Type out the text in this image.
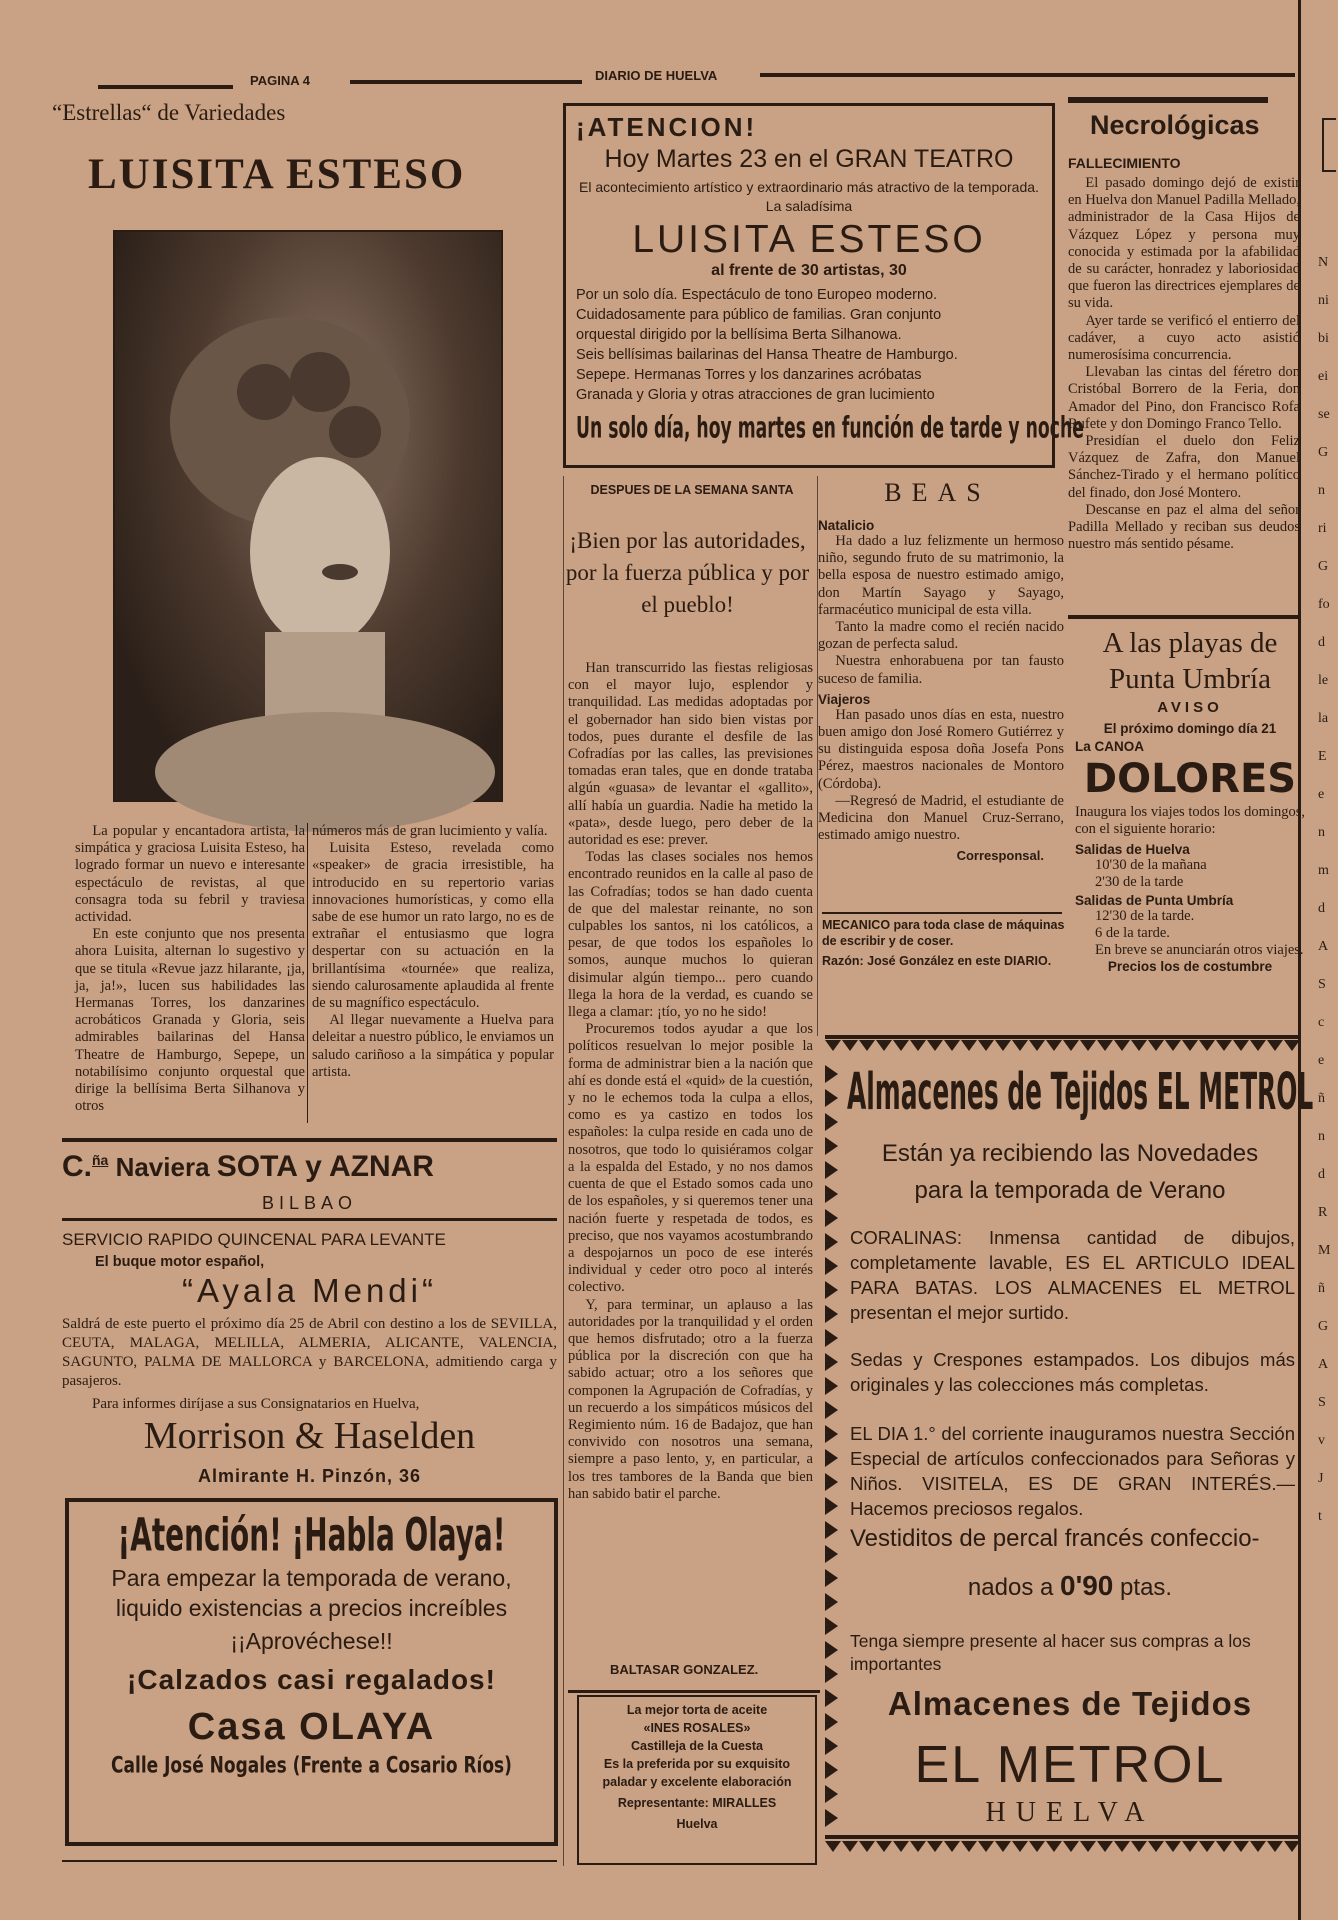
PAGINA 4	DIARIO DE HUELVA
“Estrellas“ de Variedades
LUISITA ESTESO

La popular y encantadora artista, la simpática y graciosa Luisita Esteso, ha logrado formar un nuevo e interesante espectáculo de revistas, al que consagra toda su febril y traviesa actividad.

En este conjunto que nos presenta ahora Luisita, alternan lo sugestivo y que se titula «Revue jazz hilarante, ¡ja, ja, ja!», lucen sus habilidades las Hermanas Torres, los danzarines acrobáticos Granada y Gloria, seis admirables bailarinas del Hansa Theatre de Hamburgo, Sepepe, un notabilísimo conjunto orquestal que dirige la bellísima Berta Silhanova y otros

números más de gran lucimiento y valía.

Luisita Esteso, revelada como «speaker» de gracia irresistible, ha introducido en su repertorio varias innovaciones humorísticas, y como ella sabe de ese humor un rato largo, no es de extrañar el entusiasmo que logra despertar con su actuación en la brillantísima «tournée» que realiza, siendo calurosamente aplaudida al frente de su magnífico espectáculo.

Al llegar nuevamente a Huelva para deleitar a nuestro público, le enviamos un saludo cariñoso a la simpática y popular artista.

¡ATENCION!
Hoy Martes 23 en el GRAN TEATRO
El acontecimiento artístico y extraordinario más atractivo de la temporada. La saladísima
LUISITA ESTESO
al frente de 30 artistas, 30
Por un solo día. Espectáculo de tono Europeo moderno.
Cuidadosamente para público de familias. Gran conjunto
orquestal dirigido por la bellísima Berta Silhanowa.
Seis bellísimas bailarinas del Hansa Theatre de Hamburgo.
Sepepe. Hermanas Torres y los danzarines acróbatas
Granada y Gloria y otras atracciones de gran lucimiento
Un solo día, hoy martes en función de tarde y noche
Necrológicas
FALLECIMIENTO

El pasado domingo dejó de existir en Huelva don Manuel Padilla Mellado, administrador de la Casa Hijos de Vázquez López y persona muy conocida y estimada por la afabilidad de su carácter, honradez y laboriosidad que fueron las directrices ejemplares de su vida.

Ayer tarde se verificó el entierro del cadáver, a cuyo acto asistió numerosísima concurrencia.

Llevaban las cintas del féretro don Cristóbal Borrero de la Feria, don Amador del Pino, don Francisco Rofa Rufete y don Domingo Franco Tello.

Presidían el duelo don Feliz Vázquez de Zafra, don Manuel Sánchez-Tirado y el hermano político del finado, don José Montero.

Descanse en paz el alma del señor Padilla Mellado y reciban sus deudos nuestro más sentido pésame.

A las playas de
Punta Umbría
AVISO
El próximo domingo día 21
La CANOA
DOLORES
Inaugura los viajes todos los domingos, con el siguiente horario:
Salidas de Huelva
10'30 de la mañana
2'30 de la tarde
Salidas de Punta Umbría
12'30 de la tarde.
6 de la tarde.
En breve se anunciarán otros viajes.
Precios los de costumbre
DESPUES DE LA SEMANA SANTA
¡Bien por las autoridades, por la fuerza pública y por el pueblo!

Han transcurrido las fiestas religiosas con el mayor lujo, esplendor y tranquilidad. Las medidas adoptadas por el gobernador han sido bien vistas por todos, pues durante el desfile de las Cofradías por las calles, las previsiones tomadas eran tales, que en donde trataba algún «guasa» de levantar el «gallito», allí había un guardia. Nadie ha metido la «pata», desde luego, pero deber de la autoridad es ese: prever.

Todas las clases sociales nos hemos encontrado reunidos en la calle al paso de las Cofradías; todos se han dado cuenta de que del malestar reinante, no son culpables los santos, ni los católicos, a pesar, de que todos los españoles lo somos, aunque muchos lo quieran disimular algún tiempo... pero cuando llega la hora de la verdad, es cuando se llega a clamar: ¡tío, yo no he sido!

Procuremos todos ayudar a que los políticos resuelvan lo mejor posible la forma de administrar bien a la nación que ahí es donde está el «quid» de la cuestión, y no le echemos toda la culpa a ellos, como es ya castizo en todos los españoles: la culpa reside en cada uno de nosotros, que todo lo quisiéramos colgar a la espalda del Estado, y no nos damos cuenta de que el Estado somos cada uno de los españoles, y si queremos tener una nación fuerte y respetada de todos, es preciso, que nos vayamos acostumbrando a despojarnos un poco de ese interés individual y ceder otro poco al interés colectivo.

Y, para terminar, un aplauso a las autoridades por la tranquilidad y el orden que hemos disfrutado; otro a la fuerza pública por la discreción con que ha sabido actuar; otro a los señores que componen la Agrupación de Cofradías, y un recuerdo a los simpáticos músicos del Regimiento núm. 16 de Badajoz, que han convivido con nosotros una semana, siempre a paso lento, y, en particular, a los tres tambores de la Banda que bien han sabido batir el parche.

BALTASAR GONZALEZ.
BEAS
Natalicio

Ha dado a luz felizmente un hermoso niño, segundo fruto de su matrimonio, la bella esposa de nuestro estimado amigo, don Martín Sayago y Sayago, farmacéutico municipal de esta villa.

Tanto la madre como el recién nacido gozan de perfecta salud.

Nuestra enhorabuena por tan fausto suceso de familia.

Viajeros

Han pasado unos días en esta, nuestro buen amigo don José Romero Gutiérrez y su distinguida esposa doña Josefa Pons Pérez, maestros nacionales de Montoro (Córdoba).

—Regresó de Madrid, el estudiante de Medicina don Manuel Cruz-Serrano, estimado amigo nuestro.

Corresponsal.
MECANICO para toda clase de máquinas de escribir y de coser.
Razón: José González en este DIARIO.
C.$^{ña}$ Naviera SOTA y AZNAR
BILBAO
SERVICIO RAPIDO QUINCENAL PARA LEVANTE
El buque motor español,
“Ayala Mendi“
Saldrá de este puerto el próximo día 25 de Abril con destino a los de SEVILLA, CEUTA, MALAGA, MELILLA, ALMERIA, ALICANTE, VALENCIA, SAGUNTO, PALMA DE MALLORCA y BARCELONA, admitiendo carga y pasajeros.
Para informes diríjase a sus Consignatarios en Huelva,
Morrison & Haselden
Almirante H. Pinzón, 36
¡Atención! ¡Habla Olaya!
Para empezar la temporada de verano,
liquido existencias a precios increíbles
¡¡Aprovéchese!!
¡Calzados casi regalados!
Casa OLAYA
Calle José Nogales (Frente a Cosario Ríos)
La mejor torta de aceite
«INES ROSALES»
Castilleja de la Cuesta
Es la preferida por su exquisito paladar y excelente elaboración
Representante: MIRALLES
Huelva
Almacenes de Tejidos EL METROL
Están ya recibiendo las Novedades
para la temporada de Verano
CORALINAS: Inmensa cantidad de dibujos, completamente lavable, ES EL ARTICULO IDEAL PARA BATAS. LOS ALMACENES EL METROL presentan el mejor surtido.
Sedas y Crespones estampados. Los dibujos más originales y las colecciones más completas.
EL DIA 1.° del corriente inauguramos nuestra Sección Especial de artículos confeccionados para Señoras y Niños. VISITELA, ES DE GRAN INTERÉS.—Hacemos preciosos regalos.
Vestiditos de percal francés confeccio-
nados a 0'90 ptas.
Tenga siempre presente al hacer sus compras a los importantes
Almacenes de Tejidos
EL METROL
HUELVA
N
ni
bi
ei
se
G
n
ri
G
fo
d
le
la
E
e
n
m
d
A
S
c
e
ñ
n
d
R
M
ñ
G
A
S
v
J
t
